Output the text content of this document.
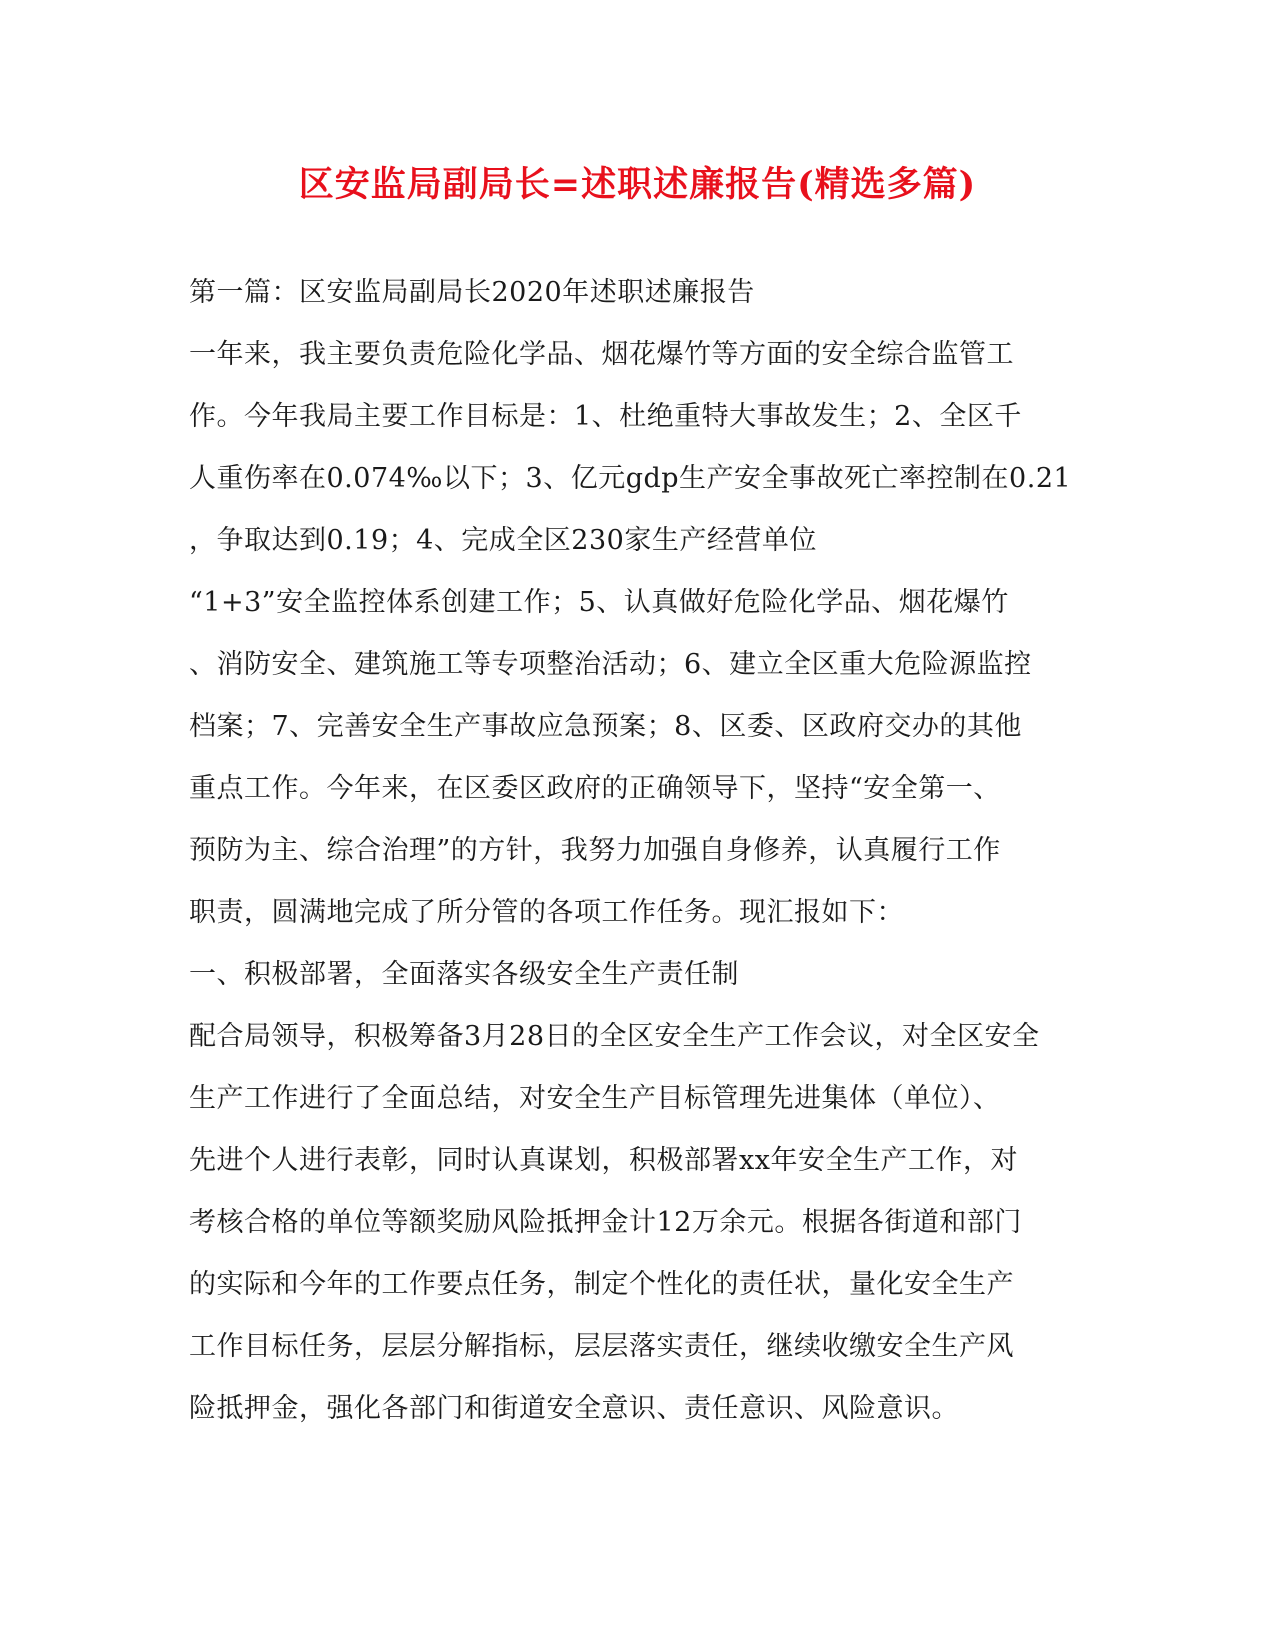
区安监局副局长=述职述廉报告(精选多篇)
第一篇：区安监局副局长2020年述职述廉报告
一年来，我主要负责危险化学品、烟花爆竹等方面的安全综合监管工
作。今年我局主要工作目标是：1、杜绝重特大事故发生；2、全区千
人重伤率在0.074‰以下；3、亿元gdp生产安全事故死亡率控制在0.21
，争取达到0.19；4、完成全区230家生产经营单位
“1+3”安全监控体系创建工作；5、认真做好危险化学品、烟花爆竹
、消防安全、建筑施工等专项整治活动；6、建立全区重大危险源监控
档案；7、完善安全生产事故应急预案；8、区委、区政府交办的其他
重点工作。今年来，在区委区政府的正确领导下，坚持“安全第一、
预防为主、综合治理”的方针，我努力加强自身修养，认真履行工作
职责，圆满地完成了所分管的各项工作任务。现汇报如下：
一、积极部署，全面落实各级安全生产责任制
配合局领导，积极筹备3月28日的全区安全生产工作会议，对全区安全
生产工作进行了全面总结，对安全生产目标管理先进集体（单位）、
先进个人进行表彰，同时认真谋划，积极部署xx年安全生产工作，对
考核合格的单位等额奖励风险抵押金计12万余元。根据各街道和部门
的实际和今年的工作要点任务，制定个性化的责任状，量化安全生产
工作目标任务，层层分解指标，层层落实责任，继续收缴安全生产风
险抵押金，强化各部门和街道安全意识、责任意识、风险意识。
